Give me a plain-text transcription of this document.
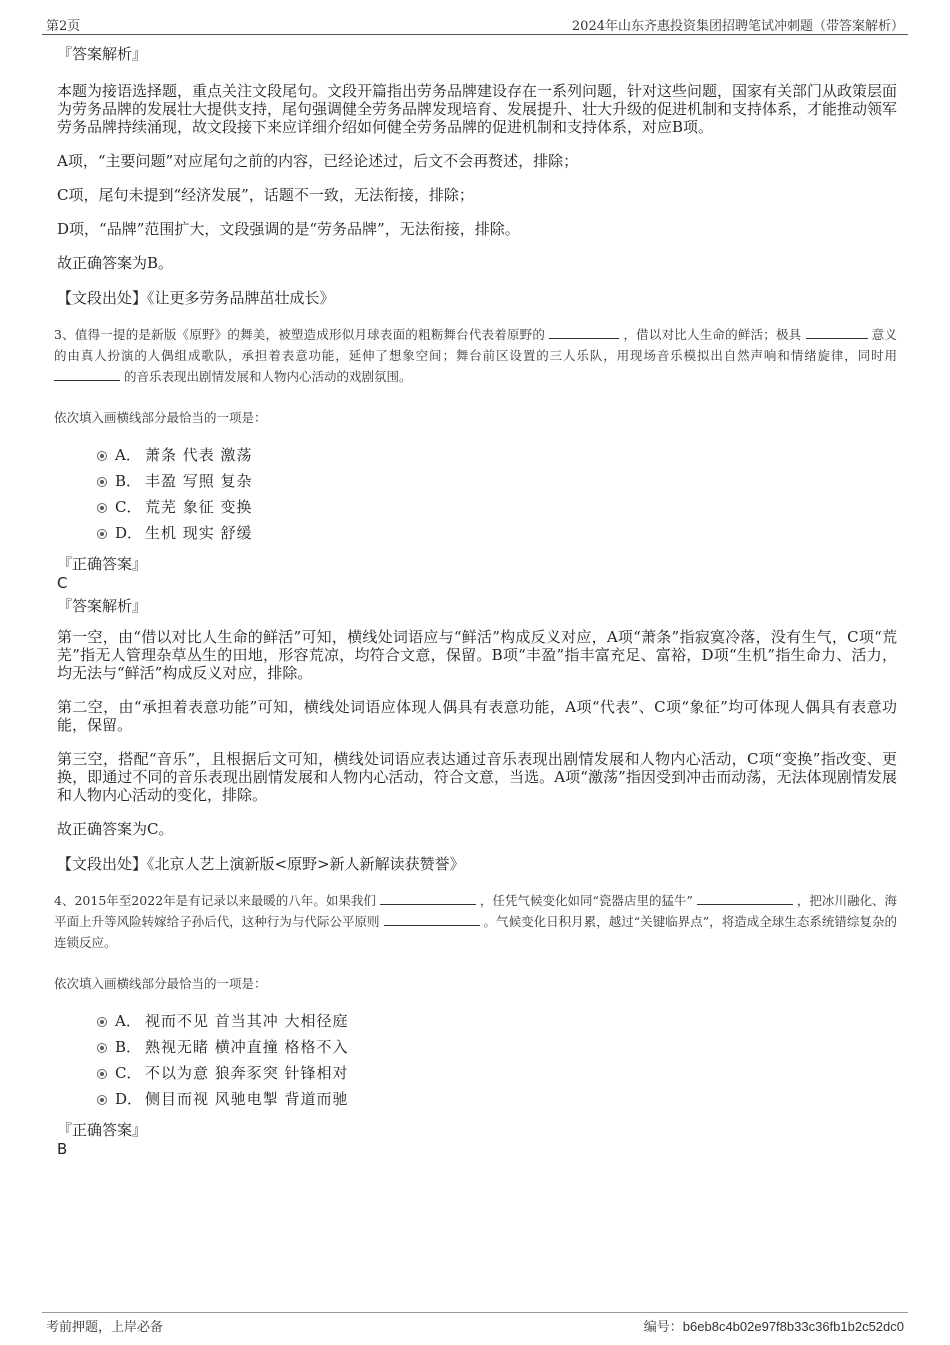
第2页	2024年山东齐惠投资集团招聘笔试冲刺题（带答案解析）
『答案解析』

本题为接语选择题，重点关注文段尾句。文段开篇指出劳务品牌建设存在一系列问题，针对这些问题，国家有关部门从政策层面为劳务品牌的发展壮大提供支持，尾句强调健全劳务品牌发现培育、发展提升、壮大升级的促进机制和支持体系，才能推动领军劳务品牌持续涌现，故文段接下来应详细介绍如何健全劳务品牌的促进机制和支持体系，对应B项。

A项，“主要问题”对应尾句之前的内容，已经论述过，后文不会再赘述，排除；

C项，尾句未提到“经济发展”，话题不一致，无法衔接，排除；

D项，“品牌”范围扩大，文段强调的是“劳务品牌”，无法衔接，排除。

故正确答案为B。

【文段出处】《让更多劳务品牌茁壮成长》
3、值得一提的是新版《原野》的舞美，被塑造成形似月球表面的粗粝舞台代表着原野的	，借以对比人生命的鲜活；极具	意义的由真人扮演的人偶组成歌队，承担着表意功能，延伸了想象空间；舞台前区设置的三人乐队，用现场音乐模拟出自然声响和情绪旋律，同时用  的音乐表现出剧情发展和人物内心活动的戏剧氛围。
依次填入画横线部分最恰当的一项是：
A． 萧条 代表 激荡
B． 丰盈 写照 复杂
C． 荒芜 象征 变换
D． 生机 现实 舒缓
『正确答案』
C
『答案解析』

第一空，由“借以对比人生命的鲜活”可知，横线处词语应与“鲜活”构成反义对应，A项“萧条”指寂寞冷落，没有生气，C项“荒芜”指无人管理杂草丛生的田地，形容荒凉，均符合文意，保留。B项“丰盈”指丰富充足、富裕，D项“生机”指生命力、活力，均无法与“鲜活”构成反义对应，排除。

第二空，由“承担着表意功能”可知，横线处词语应体现人偶具有表意功能，A项“代表”、C项“象征”均可体现人偶具有表意功能，保留。

第三空，搭配“音乐”，且根据后文可知，横线处词语应表达通过音乐表现出剧情发展和人物内心活动，C项“变换”指改变、更换，即通过不同的音乐表现出剧情发展和人物内心活动，符合文意，当选。A项“激荡”指因受到冲击而动荡，无法体现剧情发展和人物内心活动的变化，排除。

故正确答案为C。

【文段出处】《北京人艺上演新版<原野>新人新解读获赞誉》
4、2015年至2022年是有记录以来最暖的八年。如果我们	，任凭气候变化如同“瓷器店里的猛牛”	，把冰川融化、海平面上升等风险转嫁给子孙后代，这种行为与代际公平原则	。气候变化日积月累，越过“关键临界点”，将造成全球生态系统错综复杂的连锁反应。
依次填入画横线部分最恰当的一项是：
A． 视而不见 首当其冲 大相径庭
B． 熟视无睹 横冲直撞 格格不入
C． 不以为意 狼奔豕突 针锋相对
D． 侧目而视 风驰电掣 背道而驰
『正确答案』
B
考前押题，上岸必备	编号：b6eb8c4b02e97f8b33c36fb1b2c52dc0
